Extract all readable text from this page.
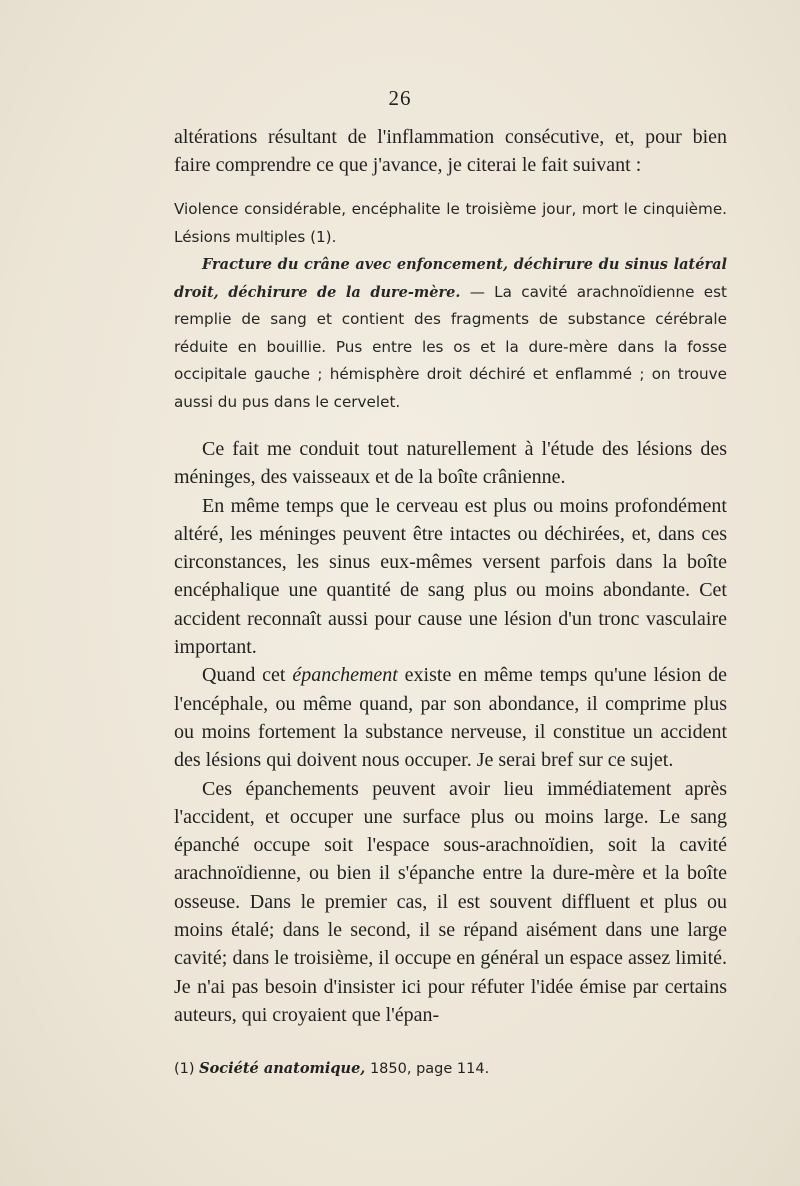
26

altérations résultant de l'inflammation consécutive, et, pour bien faire comprendre ce que j'avance, je citerai le fait suivant :

Violence considérable, encéphalite le troisième jour, mort le cinquième. Lésions multiples (1).

Fracture du crâne avec enfoncement, déchirure du sinus latéral droit, déchirure de la dure-mère. — La cavité arachnoïdienne est remplie de sang et contient des fragments de substance cérébrale réduite en bouillie. Pus entre les os et la dure-mère dans la fosse occipitale gauche ; hémisphère droit déchiré et enflammé ; on trouve aussi du pus dans le cervelet.

Ce fait me conduit tout naturellement à l'étude des lésions des méninges, des vaisseaux et de la boîte crânienne.

En même temps que le cerveau est plus ou moins profondément altéré, les méninges peuvent être intactes ou déchirées, et, dans ces circonstances, les sinus eux-mêmes versent parfois dans la boîte encéphalique une quantité de sang plus ou moins abondante. Cet accident reconnaît aussi pour cause une lésion d'un tronc vasculaire important.

Quand cet épanchement existe en même temps qu'une lésion de l'encéphale, ou même quand, par son abondance, il comprime plus ou moins fortement la substance nerveuse, il constitue un accident des lésions qui doivent nous occuper. Je serai bref sur ce sujet.

Ces épanchements peuvent avoir lieu immédiatement après l'accident, et occuper une surface plus ou moins large. Le sang épanché occupe soit l'espace sous-arachnoïdien, soit la cavité arachnoïdienne, ou bien il s'épanche entre la dure-mère et la boîte osseuse. Dans le premier cas, il est souvent diffluent et plus ou moins étalé; dans le second, il se répand aisément dans une large cavité; dans le troisième, il occupe en général un espace assez limité. Je n'ai pas besoin d'insister ici pour réfuter l'idée émise par certains auteurs, qui croyaient que l'épan-

(1) Société anatomique, 1850, page 114.
